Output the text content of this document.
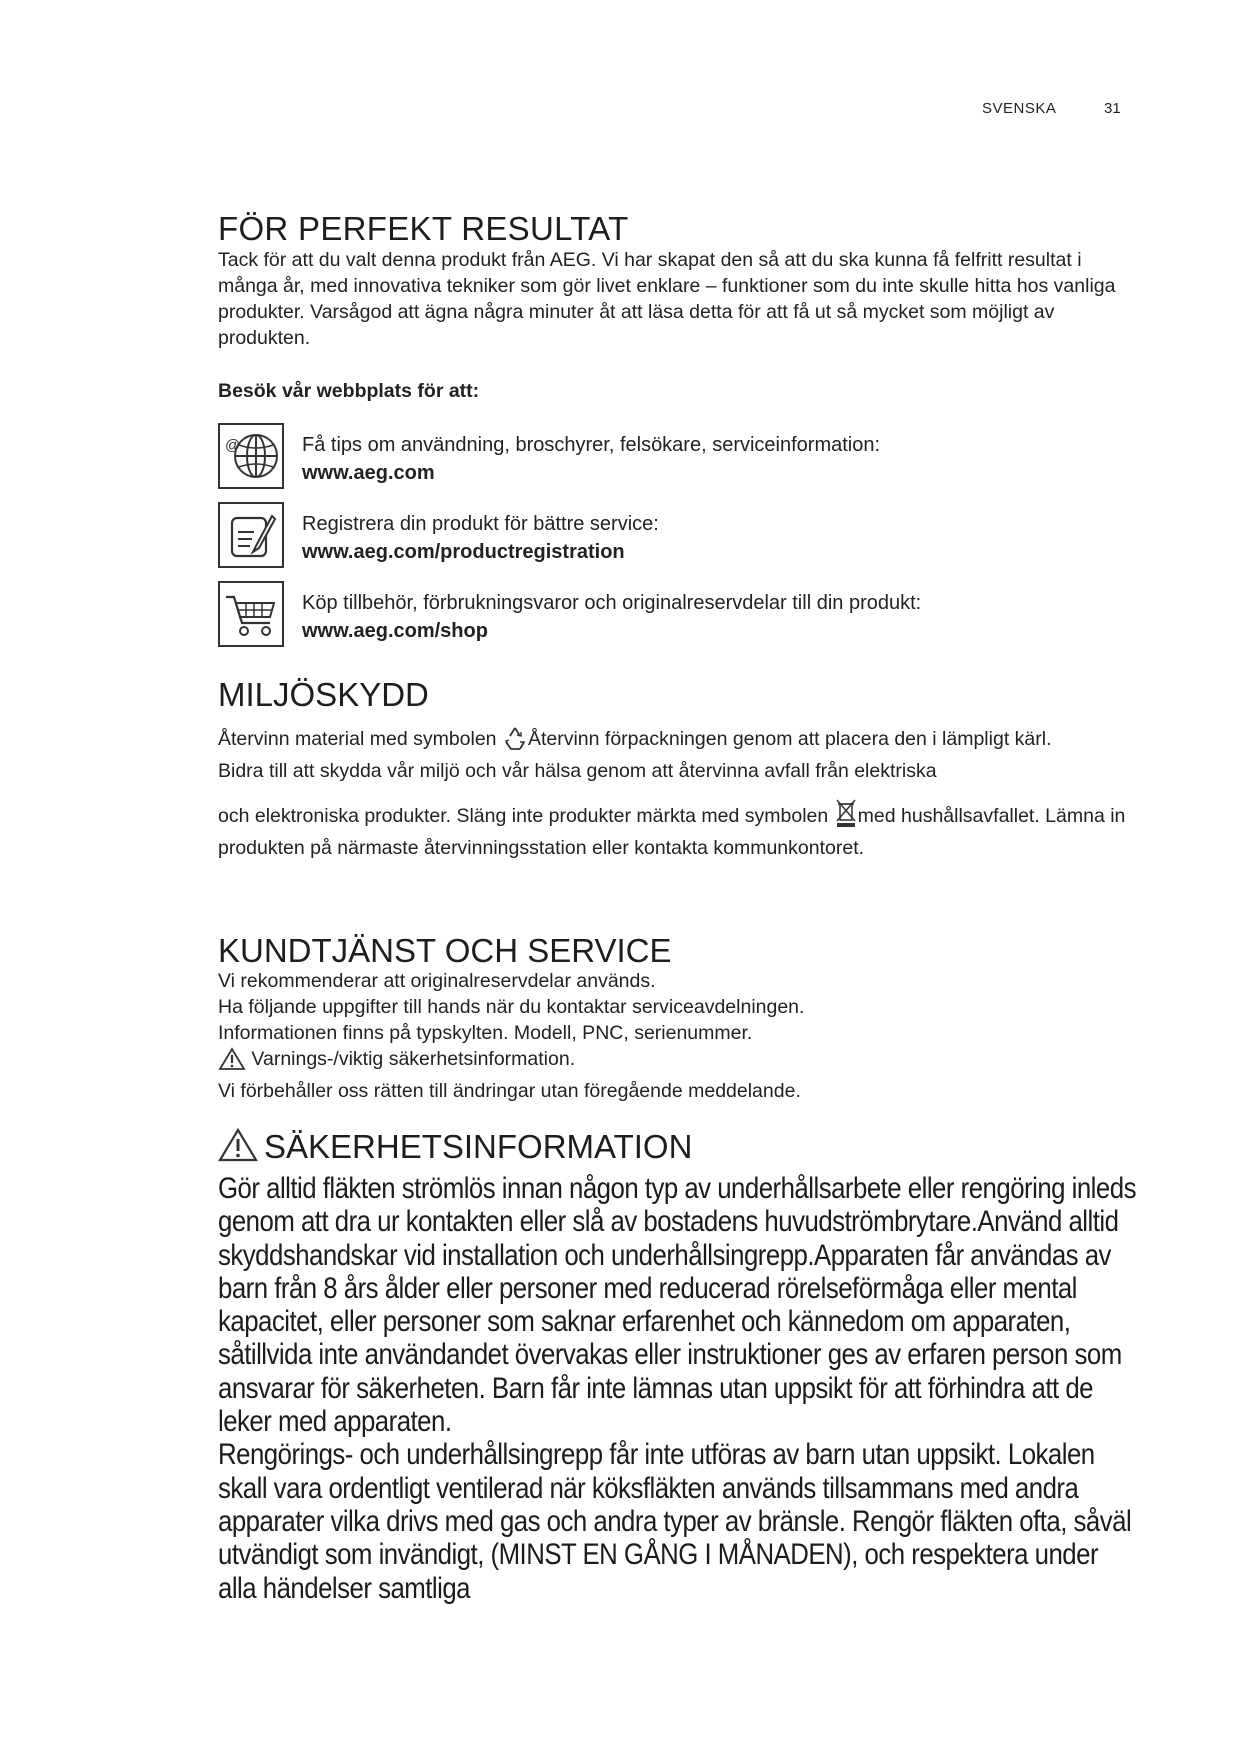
SVENSKA	31
FÖR PERFEKT RESULTAT
Tack för att du valt denna produkt från AEG. Vi har skapat den så att du ska kunna få felfritt resultat i många år, med innovativa tekniker som gör livet enklare – funktioner som du inte skulle hitta hos vanliga produkter. Varsågod att ägna några minuter åt att läsa detta för att få ut så mycket som möjligt av produkten.
Besök vår webbplats för att:
@	Få tips om användning, broschyrer, felsökare, serviceinformation:
www.aeg.com
Registrera din produkt för bättre service:
www.aeg.com/productregistration
Köp tillbehör, förbrukningsvaror och originalreservdelar till din produkt:
www.aeg.com/shop
MILJÖSKYDD

Återvinn material med symbolen Återvinn förpackningen genom att placera den i lämpligt kärl.

Bidra till att skydda vår miljö och vår hälsa genom att återvinna avfall från elektriska

och elektroniska produkter. Släng inte produkter märkta med symbolen med hushållsavfallet. Lämna in produkten på närmaste återvinningsstation eller kontakta kommunkontoret.

KUNDTJÄNST OCH SERVICE

Vi rekommenderar att originalreservdelar används.

Ha följande uppgifter till hands när du kontaktar serviceavdelningen.

Informationen finns på typskylten. Modell, PNC, serienummer.

Varnings-/viktig säkerhetsinformation.

Vi förbehåller oss rätten till ändringar utan föregående meddelande.

SÄKERHETSINFORMATION

Gör alltid fläkten strömlös innan någon typ av underhållsarbete eller rengöring inleds genom att dra ur kontakten eller slå av bostadens huvudströmbrytare.Använd alltid skyddshandskar vid installation och underhållsingrepp.Apparaten får användas av barn från 8 års ålder eller personer med reducerad rörelseförmåga eller mental kapacitet, eller personer som saknar erfarenhet och kännedom om apparaten, såtillvida inte användandet övervakas eller instruktioner ges av erfaren person som ansvarar för säkerheten. Barn får inte lämnas utan uppsikt för att förhindra att de leker med apparaten.

Rengörings- och underhållsingrepp får inte utföras av barn utan uppsikt. Lokalen skall vara ordentligt ventilerad när köksfläkten används tillsammans med andra apparater vilka drivs med gas och andra typer av bränsle. Rengör fläkten ofta, såväl utvändigt som invändigt, (MINST EN GÅNG I MÅNADEN), och respektera under alla händelser samtliga
